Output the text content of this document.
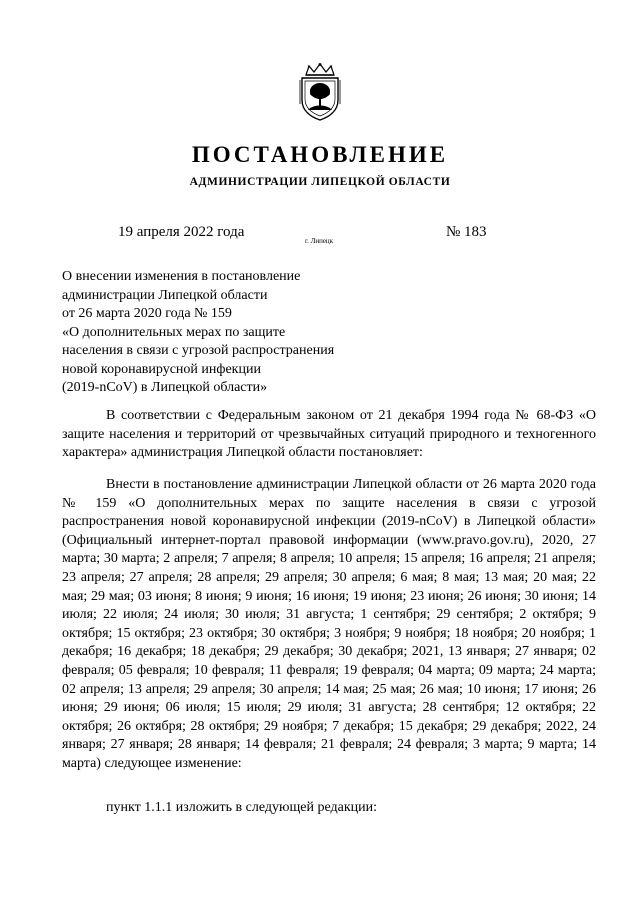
ПОСТАНОВЛЕНИЕ
АДМИНИСТРАЦИИ ЛИПЕЦКОЙ ОБЛАСТИ
19 апреля 2022 года
г. Липецк
№ 183
О внесении изменения в постановление
администрации Липецкой области
от 26 марта 2020 года № 159
«О дополнительных мерах по защите
населения в связи с угрозой распространения
новой коронавирусной инфекции
(2019-nCoV) в Липецкой области»

В соответствии с Федеральным законом от 21 декабря 1994 года № 68-ФЗ «О защите населения и территорий от чрезвычайных ситуаций природного и техногенного характера» администрация Липецкой области постановляет:

Внести в постановление администрации Липецкой области от 26 марта 2020 года № 159 «О дополнительных мерах по защите населения в связи с угрозой распространения новой коронавирусной инфекции (2019-nCoV) в Липецкой области» (Официальный интернет-портал правовой информации (www.pravo.gov.ru), 2020, 27 марта; 30 марта; 2 апреля; 7 апреля; 8 апреля; 10 апреля; 15 апреля; 16 апреля; 21 апреля; 23 апреля; 27 апреля; 28 апреля; 29 апреля; 30 апреля; 6 мая; 8 мая; 13 мая; 20 мая; 22 мая; 29 мая; 03 июня; 8 июня; 9 июня; 16 июня; 19 июня; 23 июня; 26 июня; 30 июня; 14 июля; 22 июля; 24 июля; 30 июля; 31 августа; 1 сентября; 29 сентября; 2 октября; 9 октября; 15 октября; 23 октября; 30 октября; 3 ноября; 9 ноября; 18 ноября; 20 ноября; 1 декабря; 16 декабря; 18 декабря; 29 декабря; 30 декабря; 2021, 13 января; 27 января; 02 февраля; 05 февраля; 10 февраля; 11 февраля; 19 февраля; 04 марта; 09 марта; 24 марта; 02 апреля; 13 апреля; 29 апреля; 30 апреля; 14 мая; 25 мая; 26 мая; 10 июня; 17 июня; 26 июня; 29 июня; 06 июля; 15 июля; 29 июля; 31 августа; 28 сентября; 12 октября; 22 октября; 26 октября; 28 октября; 29 ноября; 7 декабря; 15 декабря; 29 декабря; 2022, 24 января; 27 января; 28 января; 14 февраля; 21 февраля; 24 февраля; 3 марта; 9 марта; 14 марта) следующее изменение:

пункт 1.1.1 изложить в следующей редакции:
